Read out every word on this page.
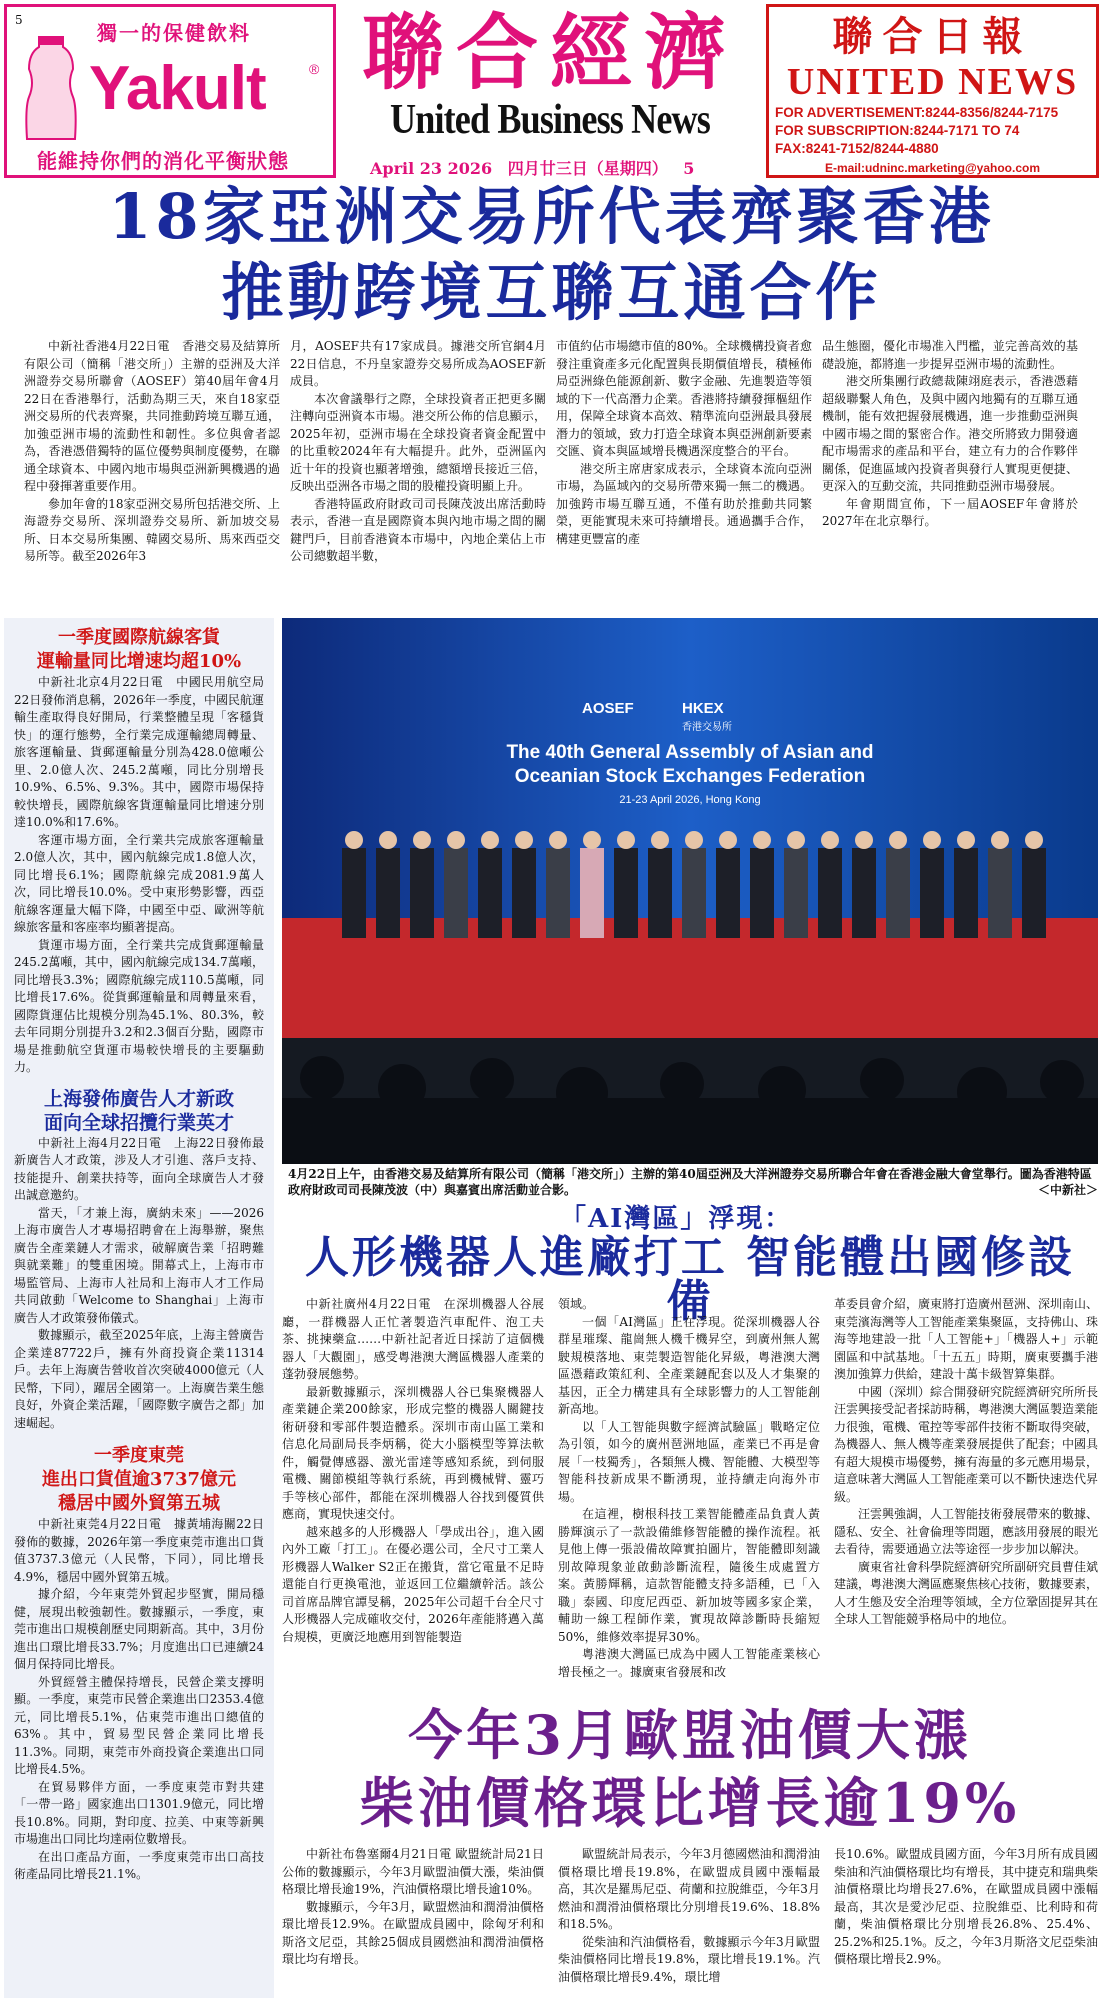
5
獨一的保健飲料
Yakult	®
能維持你們的消化平衡狀態
聯合經濟
United Business News
April 23 2026 四月廿三日（星期四） 5
聯合日報
UNITED NEWS
FOR ADVERTISEMENT:8244-8356/8244-7175
FOR SUBSCRIPTION:8244-7171 TO 74
FAX:8241-7152/8244-4880
E-mail:udninc.marketing@yahoo.com
18家亞洲交易所代表齊聚香港
推動跨境互聯互通合作

中新社香港4月22日電　香港交易及結算所有限公司（簡稱「港交所」）主辦的亞洲及大洋洲證券交易所聯會（AOSEF）第40屆年會4月22日在香港舉行，活動為期三天，來自18家亞洲交易所的代表齊聚，共同推動跨境互聯互通，加強亞洲市場的流動性和韌性。多位與會者認為，香港憑借獨特的區位優勢與制度優勢，在聯通全球資本、中國內地市場與亞洲新興機遇的過程中發揮著重要作用。

參加年會的18家亞洲交易所包括港交所、上海證券交易所、深圳證券交易所、新加坡交易所、日本交易所集團、韓國交易所、馬來西亞交易所等。截至2026年3

月，AOSEF共有17家成員。據港交所官網4月22日信息，不丹皇家證券交易所成為AOSEF新成員。

本次會議舉行之際，全球投資者正把更多關注轉向亞洲資本市場。港交所公佈的信息顯示，2025年初，亞洲市場在全球投資者資金配置中的比重較2024年有大幅提升。此外，亞洲區內近十年的投資也顯著增強，總額增長接近三倍，反映出亞洲各市場之間的股權投資明顯上升。

香港特區政府財政司司長陳茂波出席活動時表示，香港一直是國際資本與內地市場之間的關鍵門戶，目前香港資本市場中，內地企業佔上市公司總數超半數，

市值約佔市場總市值的80%。全球機構投資者愈發注重資產多元化配置與長期價值增長，積極佈局亞洲綠色能源創新、數字金融、先進製造等領域的下一代高潛力企業。香港將持續發揮樞紐作用，保障全球資本高效、精準流向亞洲最具發展潛力的領域，致力打造全球資本與亞洲創新要素交匯、資本與區域增長機遇深度整合的平台。

港交所主席唐家成表示，全球資本流向亞洲市場，為區域內的交易所帶來獨一無二的機遇。加強跨市場互聯互通，不僅有助於推動共同繁榮，更能實現未來可持續增長。通過攜手合作，構建更豐富的產

品生態圈，優化市場准入門檻，並完善高效的基礎設施，都將進一步提昇亞洲市場的流動性。

港交所集團行政總裁陳翊庭表示，香港憑藉超級聯繫人角色，及與中國內地獨有的互聯互通機制，能有效把握發展機遇，進一步推動亞洲與中國市場之間的緊密合作。港交所將致力開發適配市場需求的產品和平台，建立有力的合作夥伴關係，促進區域內投資者與發行人實現更便捷、更深入的互動交流，共同推動亞洲市場發展。

年會期間宣佈，下一屆AOSEF年會將於2027年在北京舉行。

AOSEF	HKEX
香港交易所
The 40th General Assembly of Asian and
Oceanian Stock Exchanges Federation
21-23 April 2026, Hong Kong
4月22日上午，由香港交易及結算所有限公司（簡稱「港交所」）主辦的第40屆亞洲及大洋洲證券交易所聯合年會在香港金融大會堂舉行。圖為香港特區政府財政司司長陳茂波（中）與嘉賓出席活動並合影。	＜中新社＞
一季度國際航線客貨
運輸量同比增速均超10%

中新社北京4月22日電　中國民用航空局22日發佈消息稱，2026年一季度，中國民航運輸生產取得良好開局，行業整體呈現「客穩貨快」的運行態勢，全行業完成運輸總周轉量、旅客運輸量、貨郵運輸量分別為428.0億噸公里、2.0億人次、245.2萬噸，同比分別增長10.9%、6.5%、9.3%。其中，國際市場保持較快增長，國際航線客貨運輸量同比增速分別達10.0%和17.6%。

客運市場方面，全行業共完成旅客運輸量2.0億人次，其中，國內航線完成1.8億人次，同比增長6.1%；國際航線完成2081.9萬人次，同比增長10.0%。受中東形勢影響，西亞航線客運量大幅下降，中國至中亞、歐洲等航線旅客量和客座率均顯著提高。

貨運市場方面，全行業共完成貨郵運輸量245.2萬噸，其中，國內航線完成134.7萬噸，同比增長3.3%；國際航線完成110.5萬噸，同比增長17.6%。從貨郵運輸量和周轉量來看，國際貨運佔比規模分別為45.1%、80.3%，較去年同期分別提升3.2和2.3個百分點，國際市場是推動航空貨運市場較快增長的主要驅動力。

上海發佈廣告人才新政
面向全球招攬行業英才

中新社上海4月22日電　上海22日發佈最新廣告人才政策，涉及人才引進、落戶支持、技能提升、創業扶持等，面向全球廣告人才發出誠意邀約。

當天，「才兼上海，廣納未來」——2026上海市廣告人才專場招聘會在上海舉辦，聚焦廣告全產業鏈人才需求，破解廣告業「招聘難與就業難」的雙重困境。開幕式上，上海市市場監管局、上海市人社局和上海市人才工作局共同啟動「Welcome to Shanghai」上海市廣告人才政策發佈儀式。

數據顯示，截至2025年底，上海主營廣告企業達87722戶，擁有外商投資企業11314戶。去年上海廣告營收首次突破4000億元（人民幣，下同），躍居全國第一。上海廣告業生態良好，外資企業活躍，「國際數字廣告之都」加速崛起。

一季度東莞
進出口貨值逾3737億元
穩居中國外貿第五城

中新社東莞4月22日電　據黃埔海關22日發佈的數據，2026年第一季度東莞市進出口貨值3737.3億元（人民幣，下同），同比增長4.9%，穩居中國外貿第五城。

據介紹，今年東莞外貿起步堅實，開局穩健，展現出較強韌性。數據顯示，一季度，東莞市進出口規模創歷史同期新高。其中，3月份進出口環比增長33.7%；月度進出口已連續24個月保持同比增長。

外貿經營主體保持增長，民營企業支撐明顯。一季度，東莞市民營企業進出口2353.4億元，同比增長5.1%，佔東莞市進出口總值的63%。其中，貿易型民營企業同比增長11.3%。同期，東莞市外商投資企業進出口同比增長4.5%。

在貿易夥伴方面，一季度東莞市對共建「一帶一路」國家進出口1301.9億元，同比增長10.8%。同期，對印度、拉美、中東等新興市場進出口同比均達兩位數增長。

在出口產品方面，一季度東莞市出口高技術產品同比增長21.1%。

「AI灣區」浮現：
人形機器人進廠打工 智能體出國修設備

中新社廣州4月22日電　在深圳機器人谷展廳，一群機器人正忙著製造汽車配件、泡工夫茶、挑揀藥盒……中新社記者近日採訪了這個機器人「大觀園」，感受粵港澳大灣區機器人產業的蓬勃發展態勢。

最新數據顯示，深圳機器人谷已集聚機器人產業鏈企業200餘家，形成完整的機器人關鍵技術研發和零部件製造體系。深圳市南山區工業和信息化局副局長李炳稱，從大小腦模型等算法軟件，觸覺傳感器、激光雷達等感知系統，到伺服電機、關節模組等執行系統，再到機械臂、靈巧手等核心部件，都能在深圳機器人谷找到優質供應商，實現快速交付。

越來越多的人形機器人「學成出谷」，進入國內外工廠「打工」。在優必選公司，全尺寸工業人形機器人Walker S2正在搬貨，當它電量不足時還能自行更換電池，並返回工位繼續幹活。該公司首席品牌官譚旻稱，2025年公司超千台全尺寸人形機器人完成確收交付，2026年產能將邁入萬台規模，更廣泛地應用到智能製造

領域。

一個「AI灣區」正在浮現。從深圳機器人谷群星璀璨、龍崗無人機千機昇空，到廣州無人駕駛規模落地、東莞製造智能化昇級，粵港澳大灣區憑藉政策紅利、全產業鏈配套以及人才集聚的基因，正全力構建具有全球影響力的人工智能創新高地。

以「人工智能與數字經濟試驗區」戰略定位為引領，如今的廣州琶洲地區，產業已不再是會展「一枝獨秀」，各類無人機、智能體、大模型等智能科技新成果不斷湧現，並持續走向海外市場。

在這裡，樹根科技工業智能體產品負責人黃勝輝演示了一款設備維修智能體的操作流程。祇見他上傳一張設備故障實拍圖片，智能體即刻識別故障現象並啟動診斷流程，隨後生成處置方案。黃勝輝稱，這款智能體支持多語種，已「入職」泰國、印度尼西亞、新加坡等國多家企業，輔助一線工程師作業，實現故障診斷時長縮短50%，維修效率提昇30%。

粵港澳大灣區已成為中國人工智能產業核心增長極之一。據廣東省發展和改

革委員會介紹，廣東將打造廣州琶洲、深圳南山、東莞濱海灣等人工智能產業集聚區，支持佛山、珠海等地建設一批「人工智能+」「機器人+」示範園區和中試基地。「十五五」時期，廣東要攜手港澳加強算力供給，建設十萬卡級智算集群。

中國（深圳）綜合開發研究院經濟研究所所長汪雲興接受記者採訪時稱，粵港澳大灣區製造業能力很強，電機、電控等零部件技術不斷取得突破，為機器人、無人機等產業發展提供了配套；中國具有超大規模市場優勢，擁有海量的多元應用場景，這意味著大灣區人工智能產業可以不斷快速迭代昇級。

汪雲興強調，人工智能技術發展帶來的數據、隱私、安全、社會倫理等問題，應該用發展的眼光去看待，需要通過立法等途徑一步步加以解決。

廣東省社會科學院經濟研究所副研究員曹佳斌建議，粵港澳大灣區應聚焦核心技術，數據要素，人才生態及安全治理等領域，全方位鞏固提昇其在全球人工智能競爭格局中的地位。

今年3月歐盟油價大漲
柴油價格環比增長逾19%

中新社布魯塞爾4月21日電 歐盟統計局21日公佈的數據顯示，今年3月歐盟油價大漲，柴油價格環比增長逾19%，汽油價格環比增長逾10%。

數據顯示，今年3月，歐盟燃油和潤滑油價格環比增長12.9%。在歐盟成員國中，除匈牙利和斯洛文尼亞，其餘25個成員國燃油和潤滑油價格環比均有增長。

歐盟統計局表示，今年3月德國燃油和潤滑油價格環比增長19.8%，在歐盟成員國中漲幅最高，其次是羅馬尼亞、荷蘭和拉脫維亞，今年3月燃油和潤滑油價格環比分別增長19.6%、18.8%和18.5%。

從柴油和汽油價格看，數據顯示今年3月歐盟柴油價格同比增長19.8%，環比增長19.1%。汽油價格環比增長9.4%，環比增

長10.6%。歐盟成員國方面，今年3月所有成員國柴油和汽油價格環比均有增長，其中捷克和瑞典柴油價格環比均增長27.6%，在歐盟成員國中漲幅最高，其次是愛沙尼亞、拉脫維亞、比利時和荷蘭，柴油價格環比分別增長26.8%、25.4%、25.2%和25.1%。反之，今年3月斯洛文尼亞柴油價格環比增長2.9%。
